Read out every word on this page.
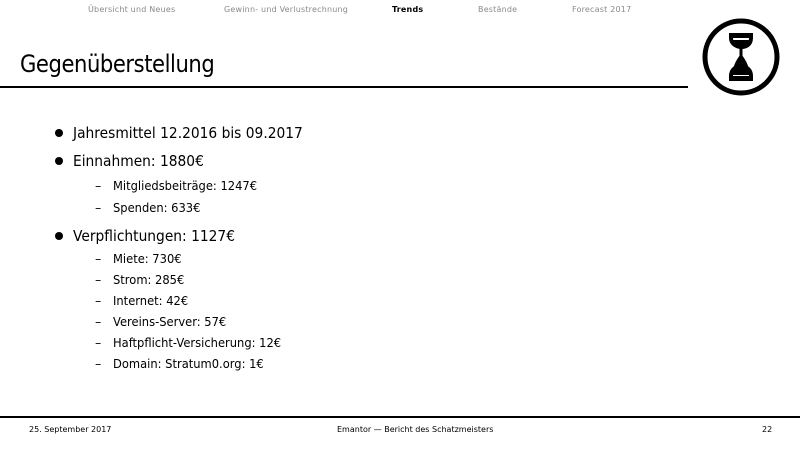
Übersicht und Neues	Gewinn- und Verlustrechnung	Trends	Bestände	Forecast 2017
Gegenüberstellung
Jahresmittel 12.2016 bis 09.2017
Einnahmen: 1880€
– Mitgliedsbeiträge: 1247€
– Spenden: 633€
Verpflichtungen: 1127€
– Miete: 730€
– Strom: 285€
– Internet: 42€
– Vereins-Server: 57€
– Haftpflicht-Versicherung: 12€
– Domain: Stratum0.org: 1€
25. September 2017	Emantor — Bericht des Schatzmeisters	22
